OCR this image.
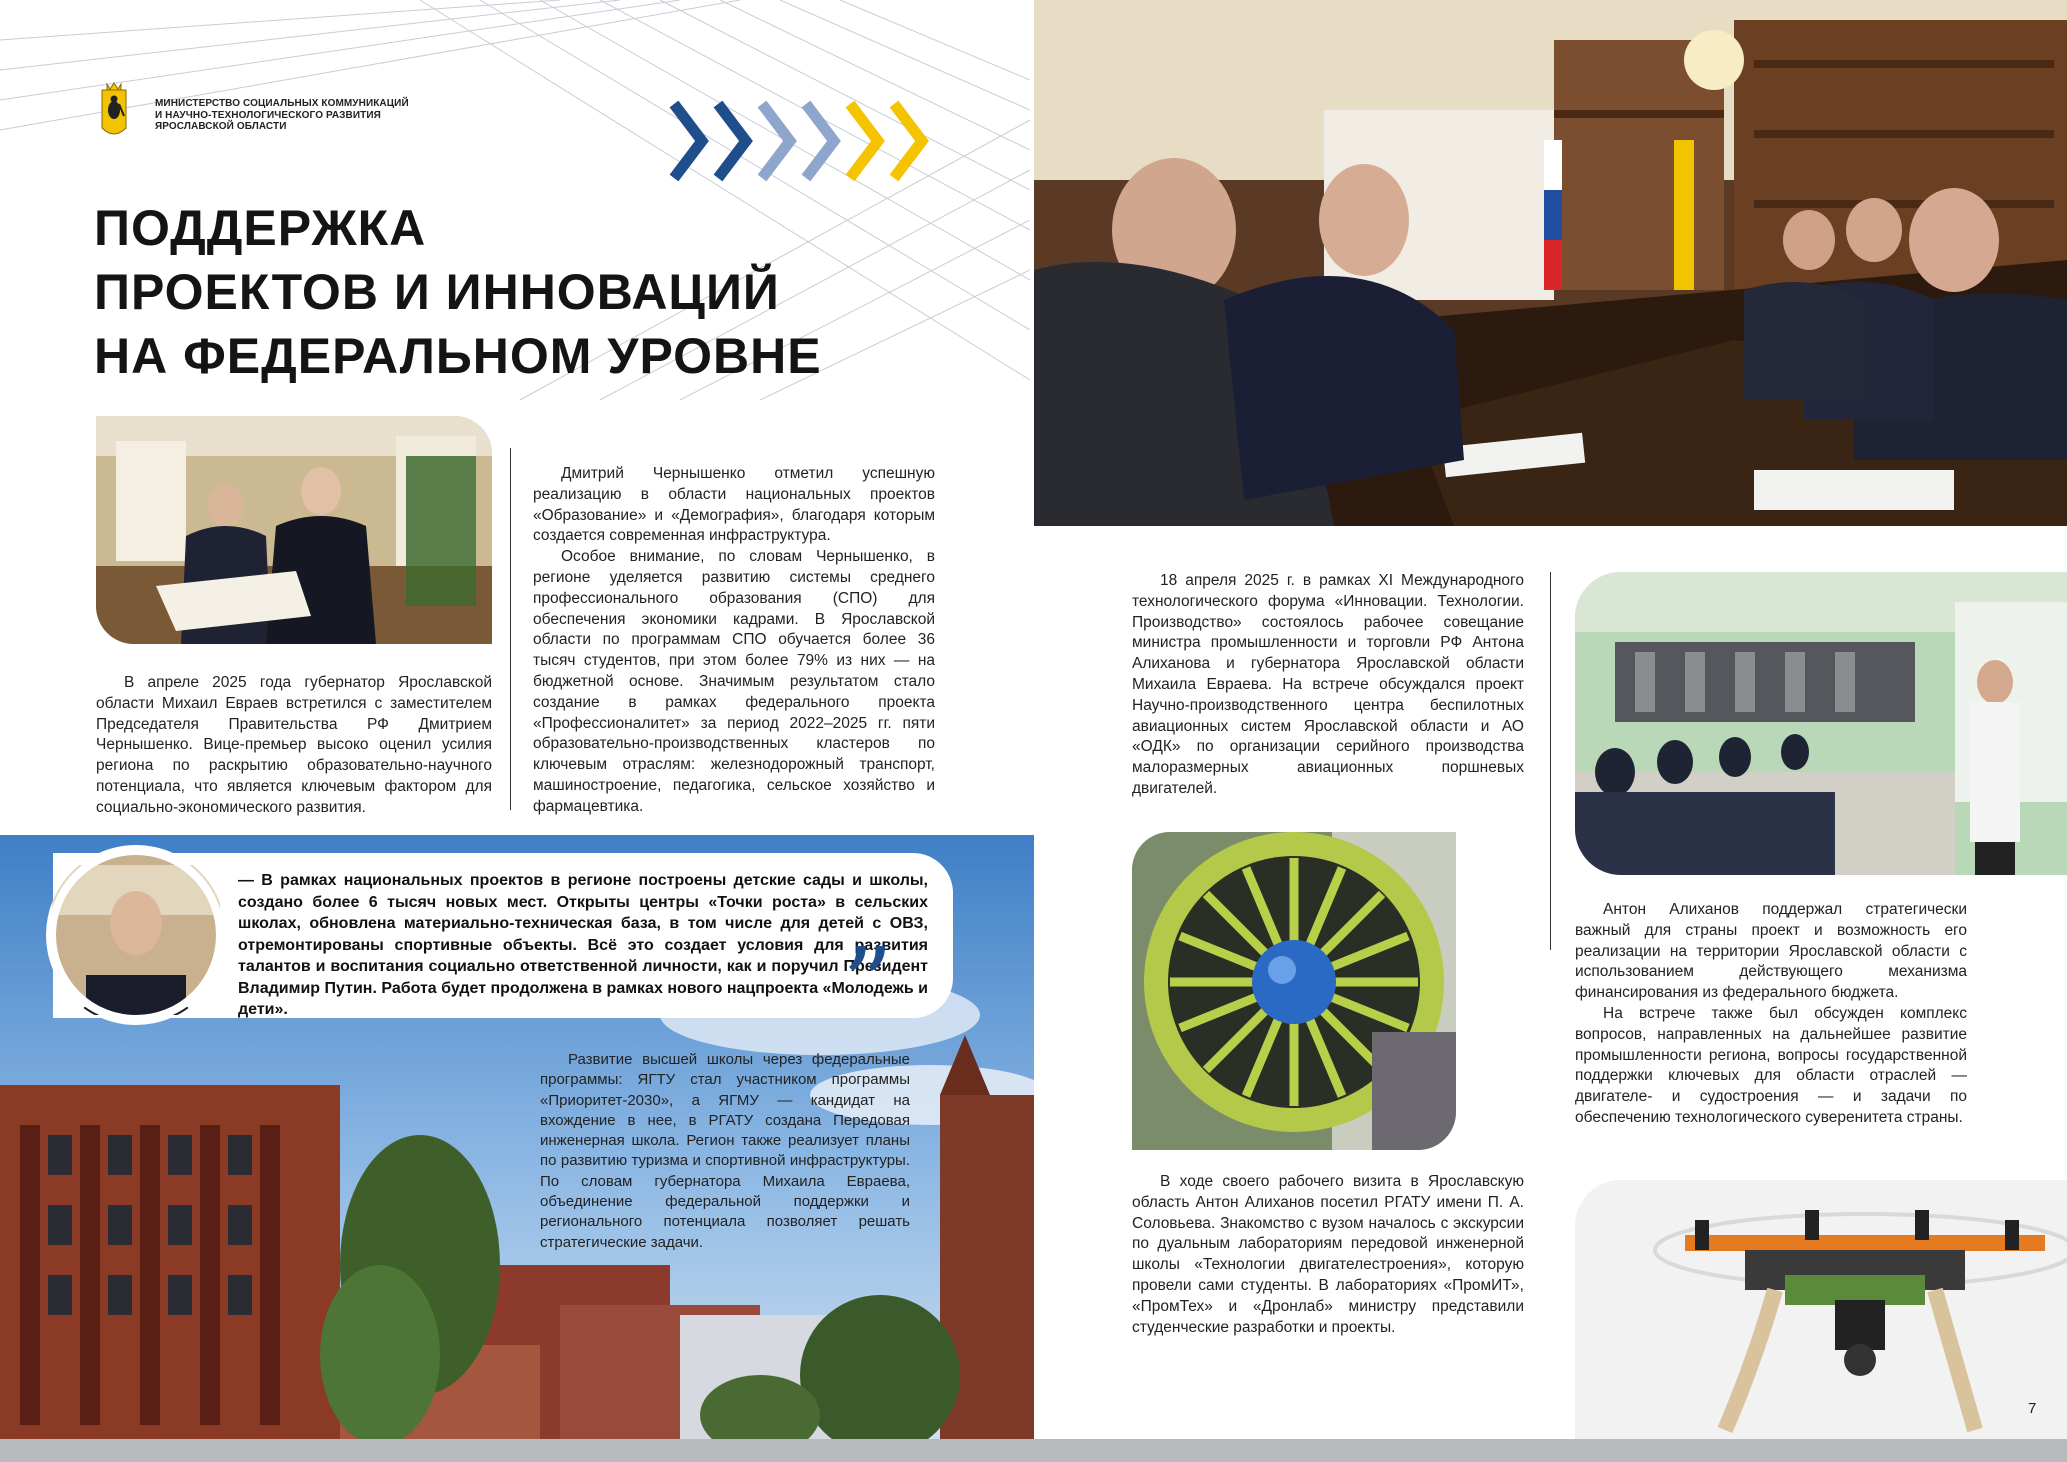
МИНИСТЕРСТВО СОЦИАЛЬНЫХ КОММУНИКАЦИЙ
И НАУЧНО-ТЕХНОЛОГИЧЕСКОГО РАЗВИТИЯ
ЯРОСЛАВСКОЙ ОБЛАСТИ
ПОДДЕРЖКА
ПРОЕКТОВ И ИННОВАЦИЙ
НА ФЕДЕРАЛЬНОМ УРОВНЕ

В апреле 2025 года губернатор Ярославской области Михаил Евраев встретился с заместителем Председателя Правительства РФ Дмитрием Чернышенко. Вице-премьер высоко оценил усилия региона по раскрытию образовательно-научного потенциала, что является ключевым фактором для социально-экономического развития.

Дмитрий Чернышенко отметил успешную реализацию в области национальных проектов «Образование» и «Демография», благодаря которым создается современная инфраструктура.

Особое внимание, по словам Чернышенко, в регионе уделяется развитию системы среднего профессионального образования (СПО) для обеспечения экономики кадрами. В Ярославской области по программам СПО обучается более 36 тысяч студентов, при этом более 79% из них — на бюджетной основе. Значимым результатом стало создание в рамках федерального проекта «Профессионалитет» за период 2022–2025 гг. пяти образовательно-производственных кластеров по ключевым отраслям: железнодорожный транспорт, машиностроение, педагогика, сельское хозяйство и фармацевтика.

— В рамках национальных проектов в регионе построены детские сады и школы, создано более 6 тысяч новых мест. Открыты центры «Точки роста» в сельских школах, обновлена материально-техническая база, в том числе для детей с ОВЗ, отремонтированы спортивные объекты. Всё это создает условия для развития талантов и воспитания социально ответственной личности, как и поручил Президент Владимир Путин. Работа будет продолжена в рамках нового нацпроекта «Молодежь и дети».	”

Развитие высшей школы через федеральные программы: ЯГТУ стал участником программы «Приоритет-2030», а ЯГМУ — кандидат на вхождение в нее, в РГАТУ создана Передовая инженерная школа. Регион также реализует планы по развитию туризма и спортивной инфраструктуры. По словам губернатора Михаила Евраева, объединение федеральной поддержки и регионального потенциала позволяет решать стратегические задачи.

18 апреля 2025 г. в рамках XI Международного технологического форума «Инновации. Технологии. Производство» состоялось рабочее совещание министра промышленности и торговли РФ Антона Алиханова и губернатора Ярославской области Михаила Евраева. На встрече обсуждался проект Научно-производственного центра беспилотных авиационных систем Ярославской области и АО «ОДК» по организации серийного производства малоразмерных авиационных поршневых двигателей.

В ходе своего рабочего визита в Ярославскую область Антон Алиханов посетил РГАТУ имени П. А. Соловьева. Знакомство с вузом началось с экскурсии по дуальным лабораториям передовой инженерной школы «Технологии двигателестроения», которую провели сами студенты. В лабораториях «ПромИТ», «ПромТех» и «Дронлаб» министру представили студенческие разработки и проекты.

Антон Алиханов поддержал стратегически важный для страны проект и возможность его реализации на территории Ярославской области с использованием действующего механизма финансирования из федерального бюджета.

На встрече также был обсужден комплекс вопросов, направленных на дальнейшее развитие промышленности региона, вопросы государственной поддержки ключевых для области отраслей — двигателе- и судостроения — и задачи по обеспечению технологического суверенитета страны.

7
